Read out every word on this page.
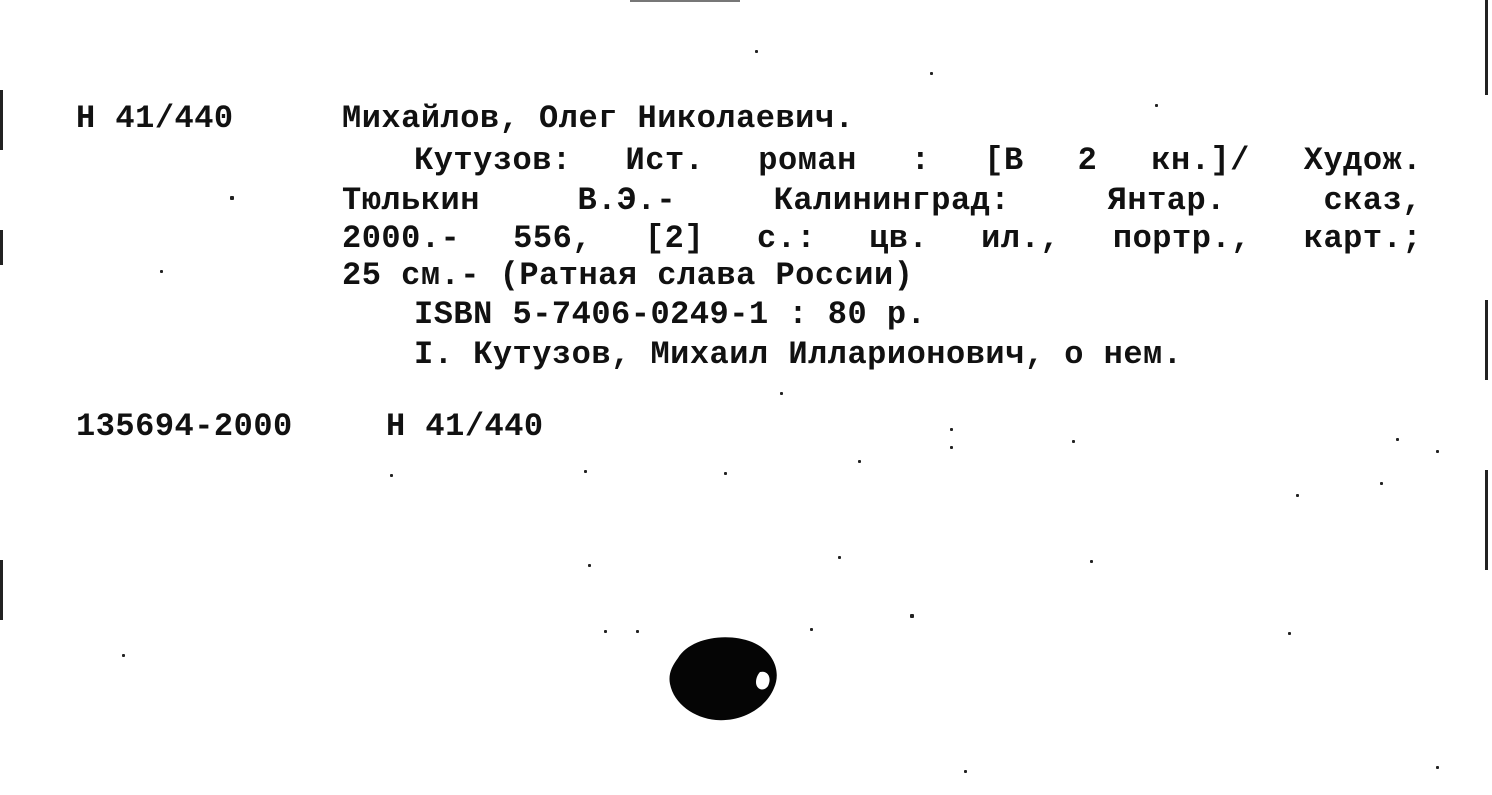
Н 41/440	Михайлов, Олег Николаевич.
Кутузов: Ист. роман : [В 2 кн.]/ Худож.
Тюлькин	В.Э.-	Калининград:	Янтар.	сказ,
2000.- 556, [2] с.: цв. ил., портр., карт.;
25 см.- (Ратная слава России)
ISBN 5-7406-0249-1 : 80 р.
I. Кутузов, Михаил Илларионович, о нем.
135694-2000	Н 41/440
